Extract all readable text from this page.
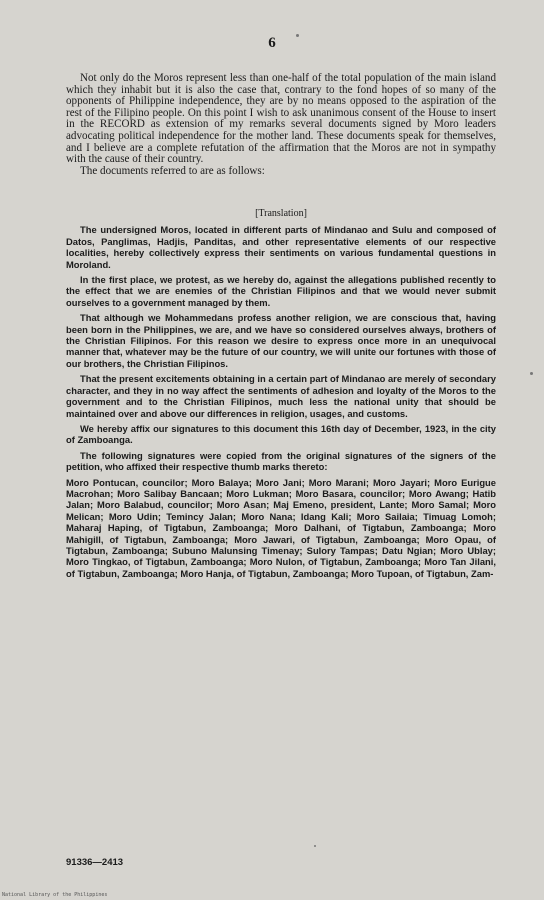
6

Not only do the Moros represent less than one-half of the total population of the main island which they inhabit but it is also the case that, contrary to the fond hopes of so many of the opponents of Philippine independence, they are by no means opposed to the aspiration of the rest of the Filipino people. On this point I wish to ask unanimous consent of the House to insert in the RECORD as extension of my remarks several documents signed by Moro leaders advocating political independence for the mother land. These documents speak for themselves, and I believe are a complete refutation of the affirmation that the Moros are not in sympathy with the cause of their country.

The documents referred to are as follows:

[Translation]

The undersigned Moros, located in different parts of Mindanao and Sulu and composed of Datos, Panglimas, Hadjis, Panditas, and other representative elements of our respective localities, hereby collectively express their sentiments on various fundamental questions in Moroland.

In the first place, we protest, as we hereby do, against the allegations published recently to the effect that we are enemies of the Christian Filipinos and that we would never submit ourselves to a government managed by them.

That although we Mohammedans profess another religion, we are conscious that, having been born in the Philippines, we are, and we have so considered ourselves always, brothers of the Christian Filipinos. For this reason we desire to express once more in an unequivocal manner that, whatever may be the future of our country, we will unite our fortunes with those of our brothers, the Christian Filipinos.

That the present excitements obtaining in a certain part of Mindanao are merely of secondary character, and they in no way affect the sentiments of adhesion and loyalty of the Moros to the government and to the Christian Filipinos, much less the national unity that should be maintained over and above our differences in religion, usages, and customs.

We hereby affix our signatures to this document this 16th day of December, 1923, in the city of Zamboanga.

The following signatures were copied from the original signatures of the signers of the petition, who affixed their respective thumb marks thereto:

Moro Pontucan, councilor; Moro Balaya; Moro Jani; Moro Marani; Moro Jayari; Moro Eurigue Macrohan; Moro Salibay Bancaan; Moro Lukman; Moro Basara, councilor; Moro Awang; Hatib Jalan; Moro Balabud, councilor; Moro Asan; Maj Emeno, president, Lante; Moro Samal; Moro Melican; Moro Udin; Temincy Jalan; Moro Nana; Idang Kali; Moro Sailaia; Timuag Lomoh; Maharaj Haping, of Tigtabun, Zamboanga; Moro Dalhani, of Tigtabun, Zamboanga; Moro Mahigill, of Tigtabun, Zamboanga; Moro Jawari, of Tigtabun, Zamboanga; Moro Opau, of Tigtabun, Zamboanga; Subuno Malunsing Timenay; Sulory Tampas; Datu Ngian; Moro Ublay; Moro Tingkao, of Tigtabun, Zamboanga; Moro Nulon, of Tigtabun, Zamboanga; Moro Tan Jilani, of Tigtabun, Zamboanga; Moro Hanja, of Tigtabun, Zamboanga; Moro Tupoan, of Tigtabun, Zam-

91336—2413
National Library of the Philippines
